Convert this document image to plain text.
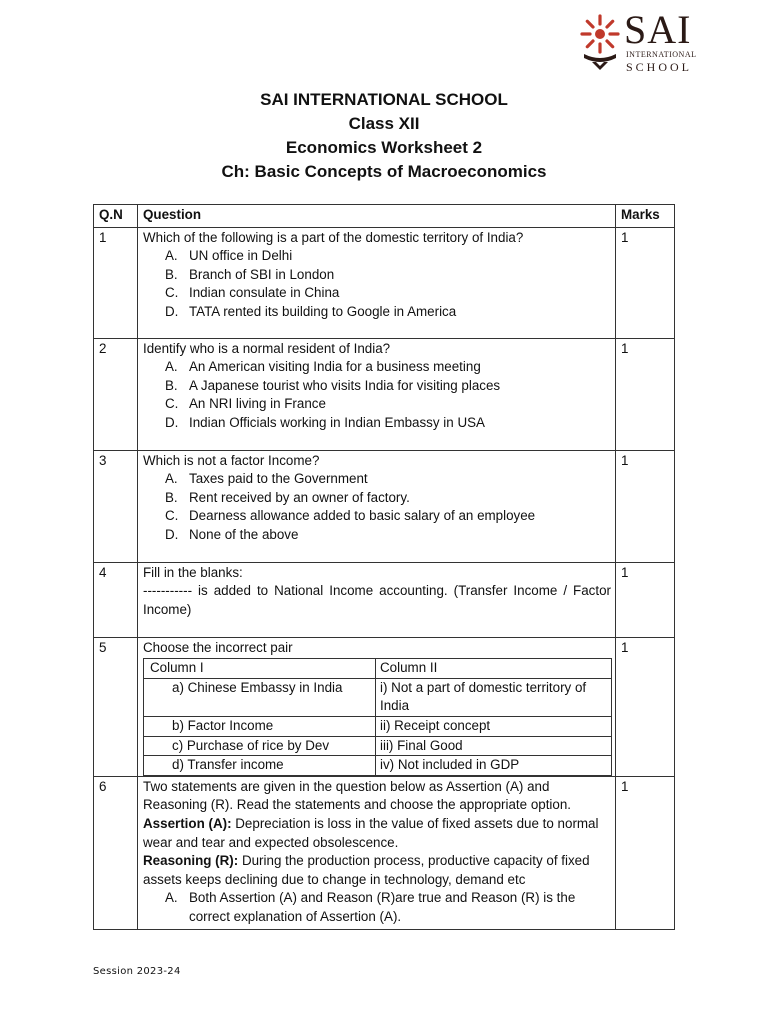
SAI
INTERNATIONAL
SCHOOL
SAI INTERNATIONAL SCHOOL
Class XII
Economics Worksheet 2
Ch: Basic Concepts of Macroeconomics
Q.N	Question	Marks
1	Which of the following is a part of the domestic territory of India?
A. UN office in Delhi
B. Branch of SBI in London
C. Indian consulate in China
D. TATA rented its building to Google in America
	1
2	Identify who is a normal resident of India?
A. An American visiting India for a business meeting
B. A Japanese tourist who visits India for visiting places
C. An NRI living in France
D. Indian Officials working in Indian Embassy in USA
	1
3	Which is not a factor Income?
A. Taxes paid to the Government
B. Rent received by an owner of factory.
C. Dearness allowance added to basic salary of an employee
D. None of the above
	1
4	Fill in the blanks:
----------- is added to National Income accounting. (Transfer Income / Factor Income)
	1
5	Choose the incorrect pair
Column I	Column II
a) Chinese Embassy in India	i) Not a part of domestic territory of India
b) Factor Income	ii) Receipt concept
c) Purchase of rice by Dev	iii) Final Good
d) Transfer income	iv) Not included in GDP
	1
6	Two statements are given in the question below as Assertion (A) and Reasoning (R). Read the statements and choose the appropriate option.
Assertion (A): Depreciation is loss in the value of fixed assets due to normal wear and tear and expected obsolescence.
Reasoning (R): During the production process, productive capacity of fixed assets keeps declining due to change in technology, demand etc
A. Both Assertion (A) and Reason (R)are true and Reason (R) is the correct explanation of Assertion (A).
	1
Session 2023-24
